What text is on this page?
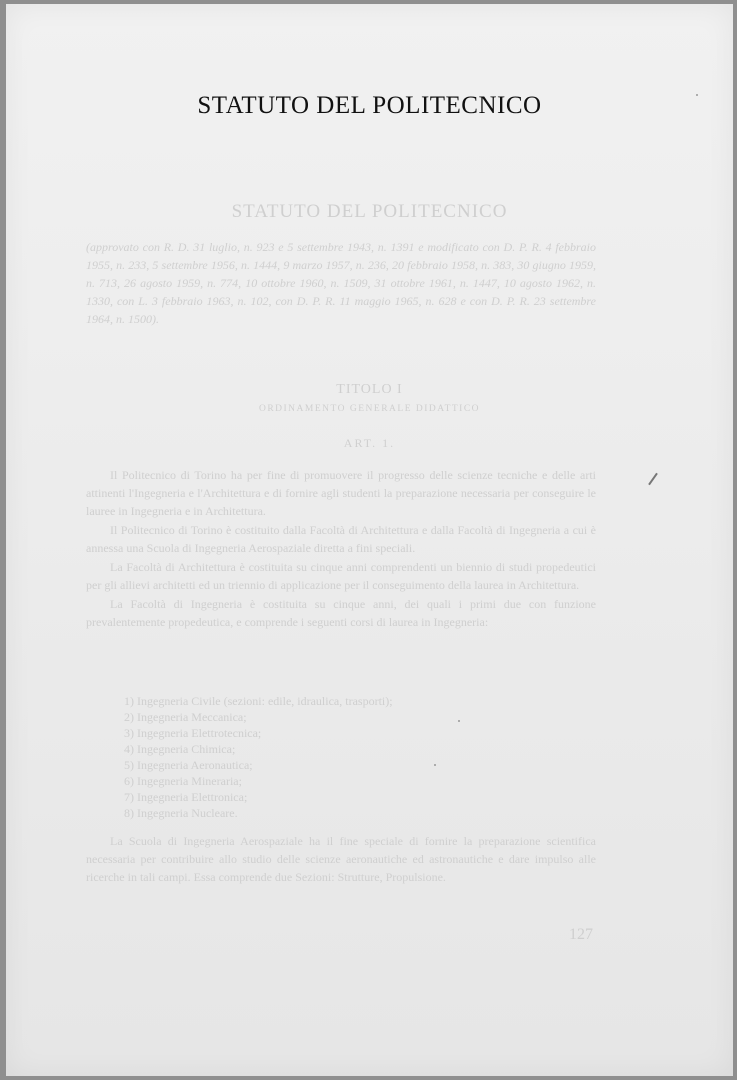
STATUTO DEL POLITECNICO
STATUTO DEL POLITECNICO

(approvato con R. D. 31 luglio, n. 923 e 5 settembre 1943, n. 1391 e modificato con D. P. R. 4 febbraio 1955, n. 233, 5 settembre 1956, n. 1444, 9 marzo 1957, n. 236, 20 febbraio 1958, n. 383, 30 giugno 1959, n. 713, 26 agosto 1959, n. 774, 10 ottobre 1960, n. 1509, 31 ottobre 1961, n. 1447, 10 agosto 1962, n. 1330, con L. 3 febbraio 1963, n. 102, con D. P. R. 11 maggio 1965, n. 628 e con D. P. R. 23 settembre 1964, n. 1500).

TITOLO I
ORDINAMENTO GENERALE DIDATTICO
ART. 1.

Il Politecnico di Torino ha per fine di promuovere il progresso delle scienze tecniche e delle arti attinenti l'Ingegneria e l'Architettura e di fornire agli studenti la preparazione necessaria per conseguire le lauree in Ingegneria e in Architettura.

Il Politecnico di Torino è costituito dalla Facoltà di Architettura e dalla Facoltà di Ingegneria a cui è annessa una Scuola di Ingegneria Aerospaziale diretta a fini speciali.

La Facoltà di Architettura è costituita su cinque anni comprendenti un biennio di studi propedeutici per gli allievi architetti ed un triennio di applicazione per il conseguimento della laurea in Architettura.

La Facoltà di Ingegneria è costituita su cinque anni, dei quali i primi due con funzione prevalentemente propedeutica, e comprende i seguenti corsi di laurea in Ingegneria:

1) Ingegneria Civile (sezioni: edile, idraulica, trasporti);
2) Ingegneria Meccanica;
3) Ingegneria Elettrotecnica;
4) Ingegneria Chimica;
5) Ingegneria Aeronautica;
6) Ingegneria Mineraria;
7) Ingegneria Elettronica;
8) Ingegneria Nucleare.

La Scuola di Ingegneria Aerospaziale ha il fine speciale di fornire la preparazione scientifica necessaria per contribuire allo studio delle scienze aeronautiche ed astronautiche e dare impulso alle ricerche in tali campi. Essa comprende due Sezioni: Strutture, Propulsione.

127
